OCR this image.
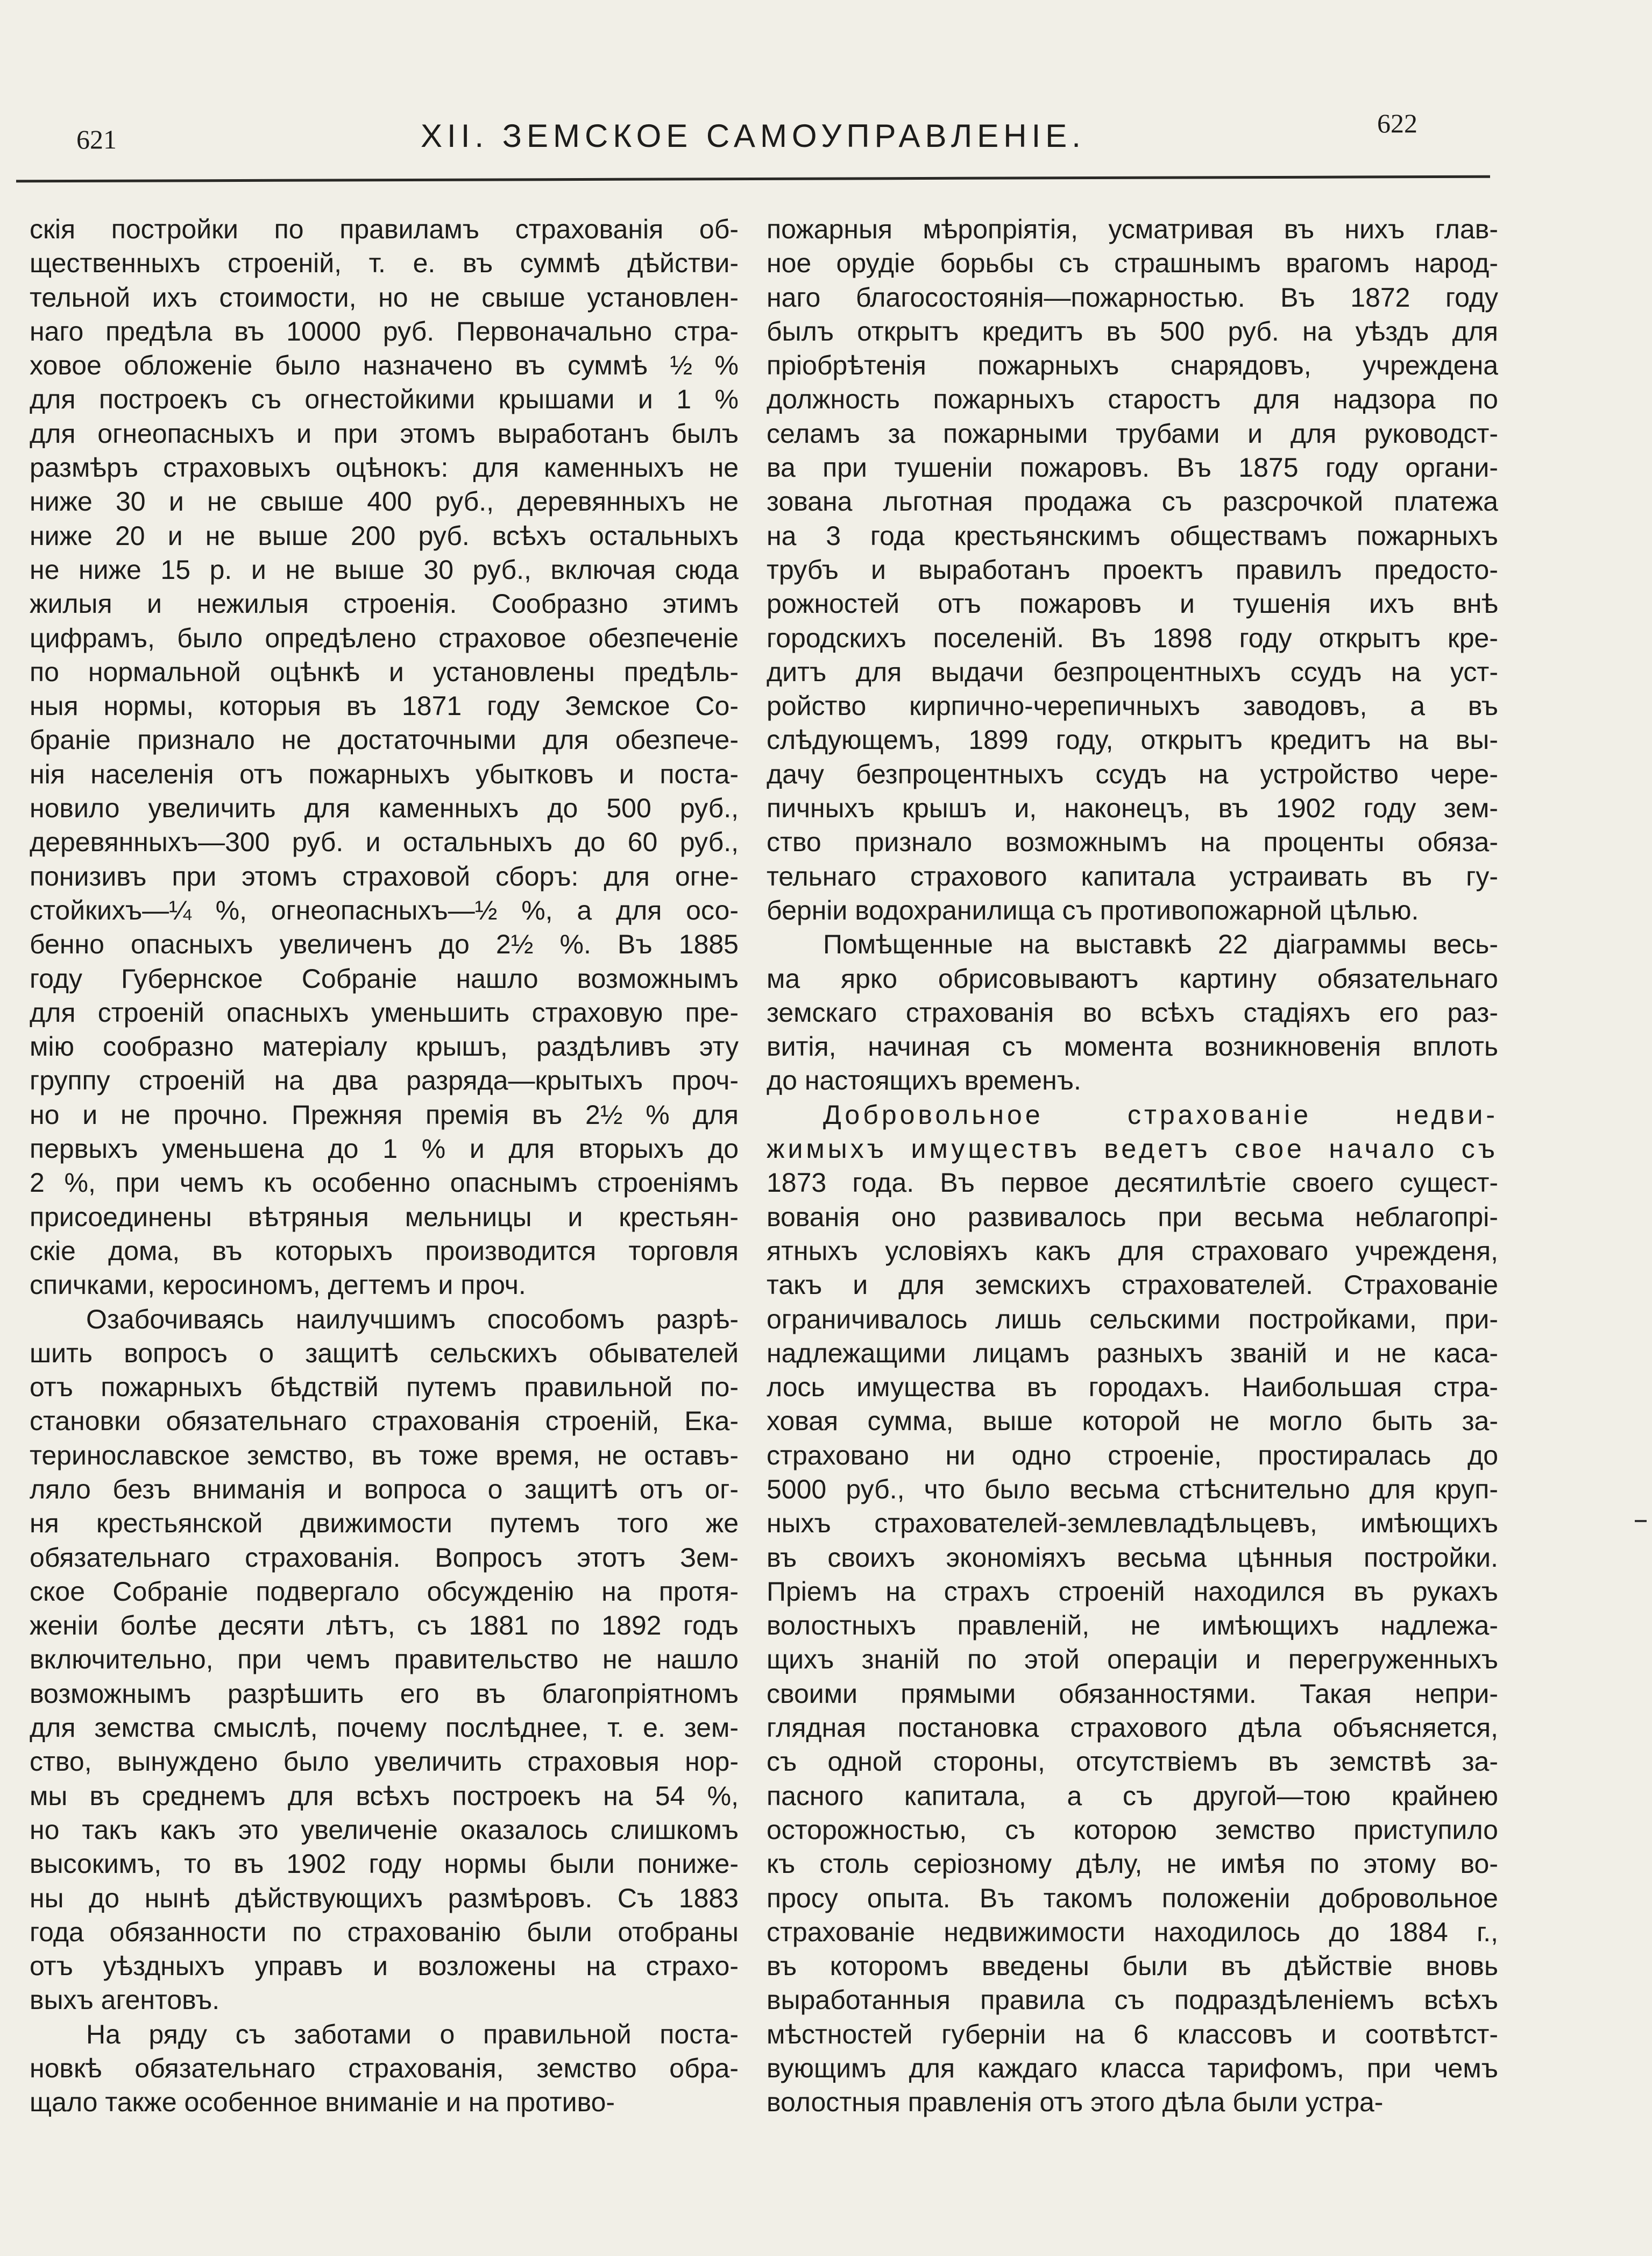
621	XII. ЗЕМСКОЕ САМОУПРАВЛЕНІЕ.	622
скія постройки по правиламъ страхованія об-
щественныхъ строеній, т. е. въ суммѣ дѣйстви-
тельной ихъ стоимости, но не свыше установлен-
наго предѣла въ 10000 руб. Первоначально стра-
ховое обложеніе было назначено въ суммѣ ½ %
для построекъ съ огнестойкими крышами и 1 %
для огнеопасныхъ и при этомъ выработанъ былъ
размѣръ страховыхъ оцѣнокъ: для каменныхъ не
ниже 30 и не свыше 400 руб., деревянныхъ не
ниже 20 и не выше 200 руб. всѣхъ остальныхъ
не ниже 15 р. и не выше 30 руб., включая сюда
жилыя и нежилыя строенія. Сообразно этимъ
цифрамъ, было опредѣлено страховое обезпеченіе
по нормальной оцѣнкѣ и установлены предѣль-
ныя нормы, которыя въ 1871 году Земское Со-
браніе признало не достаточными для обезпече-
нія населенія отъ пожарныхъ убытковъ и поста-
новило увеличить для каменныхъ до 500 руб.,
деревянныхъ—300 руб. и остальныхъ до 60 руб.,
понизивъ при этомъ страховой сборъ: для огне-
стойкихъ—¼ %, огнеопасныхъ—½ %, а для осо-
бенно опасныхъ увеличенъ до 2½ %. Въ 1885
году Губернское Собраніе нашло возможнымъ
для строеній опасныхъ уменьшить страховую пре-
мію сообразно матеріалу крышъ, раздѣливъ эту
группу строеній на два разряда—крытыхъ проч-
но и не прочно. Прежняя премія въ 2½ % для
первыхъ уменьшена до 1 % и для вторыхъ до
2 %, при чемъ къ особенно опаснымъ строеніямъ
присоединены вѣтряныя мельницы и крестьян-
скіе дома, въ которыхъ производится торговля
спичками, керосиномъ, дегтемъ и проч.
Озабочиваясь наилучшимъ способомъ разрѣ-
шить вопросъ о защитѣ сельскихъ обывателей
отъ пожарныхъ бѣдствій путемъ правильной по-
становки обязательнаго страхованія строеній, Ека-
теринославское земство, въ тоже время, не оставъ-
ляло безъ вниманія и вопроса о защитѣ отъ ог-
ня крестьянской движимости путемъ того же
обязательнаго страхованія. Вопросъ этотъ Зем-
ское Собраніе подвергало обсужденію на протя-
женіи болѣе десяти лѣтъ, съ 1881 по 1892 годъ
включительно, при чемъ правительство не нашло
возможнымъ разрѣшить его въ благопріятномъ
для земства смыслѣ, почему послѣднее, т. е. зем-
ство, вынуждено было увеличить страховыя нор-
мы въ среднемъ для всѣхъ построекъ на 54 %,
но такъ какъ это увеличеніе оказалось слишкомъ
высокимъ, то въ 1902 году нормы были пониже-
ны до нынѣ дѣйствующихъ размѣровъ. Съ 1883
года обязанности по страхованію были отобраны
отъ уѣздныхъ управъ и возложены на страхо-
выхъ агентовъ.
На ряду съ заботами о правильной поста-
новкѣ обязательнаго страхованія, земство обра-
щало также особенное вниманіе и на противо-
пожарныя мѣропріятія, усматривая въ нихъ глав-
ное орудіе борьбы съ страшнымъ врагомъ народ-
наго благосостоянія—пожарностью. Въ 1872 году
былъ открытъ кредитъ въ 500 руб. на уѣздъ для
пріобрѣтенія пожарныхъ снарядовъ, учреждена
должность пожарныхъ старостъ для надзора по
селамъ за пожарными трубами и для руководст-
ва при тушеніи пожаровъ. Въ 1875 году органи-
зована льготная продажа съ разсрочкой платежа
на 3 года крестьянскимъ обществамъ пожарныхъ
трубъ и выработанъ проектъ правилъ предосто-
рожностей отъ пожаровъ и тушенія ихъ внѣ
городскихъ поселеній. Въ 1898 году открытъ кре-
дитъ для выдачи безпроцентныхъ ссудъ на уст-
ройство кирпично-черепичныхъ заводовъ, а въ
слѣдующемъ, 1899 году, открытъ кредитъ на вы-
дачу безпроцентныхъ ссудъ на устройство чере-
пичныхъ крышъ и, наконецъ, въ 1902 году зем-
ство признало возможнымъ на проценты обяза-
тельнаго страхового капитала устраивать въ гу-
берніи водохранилища съ противопожарной цѣлью.
Помѣщенные на выставкѣ 22 діаграммы весь-
ма ярко обрисовываютъ картину обязательнаго
земскаго страхованія во всѣхъ стадіяхъ его раз-
витія, начиная съ момента возникновенія вплоть
до настоящихъ временъ.
Добровольное страхованіе недви-
жимыхъ имуществъ ведетъ свое начало съ
1873 года. Въ первое десятилѣтіе своего сущест-
вованія оно развивалось при весьма неблагопрі-
ятныхъ условіяхъ какъ для страховаго учрежденя,
такъ и для земскихъ страхователей. Страхованіе
ограничивалось лишь сельскими постройками, при-
надлежащими лицамъ разныхъ званій и не каса-
лось имущества въ городахъ. Наибольшая стра-
ховая сумма, выше которой не могло быть за-
страховано ни одно строеніе, простиралась до
5000 руб., что было весьма стѣснительно для круп-
ныхъ страхователей-землевладѣльцевъ, имѣющихъ
въ своихъ экономіяхъ весьма цѣнныя постройки.
Пріемъ на страхъ строеній находился въ рукахъ
волостныхъ правленій, не имѣющихъ надлежа-
щихъ знаній по этой операціи и перегруженныхъ
своими прямыми обязанностями. Такая непри-
глядная постановка страхового дѣла объясняется,
съ одной стороны, отсутствіемъ въ земствѣ за-
пасного капитала, а съ другой—тою крайнею
осторожностью, съ которою земство приступило
къ столь серіозному дѣлу, не имѣя по этому во-
просу опыта. Въ такомъ положеніи добровольное
страхованіе недвижимости находилось до 1884 г.,
въ которомъ введены были въ дѣйствіе вновь
выработанныя правила съ подраздѣленіемъ всѣхъ
мѣстностей губерніи на 6 классовъ и соотвѣтст-
вующимъ для каждаго класса тарифомъ, при чемъ
волостныя правленія отъ этого дѣла были устра-
